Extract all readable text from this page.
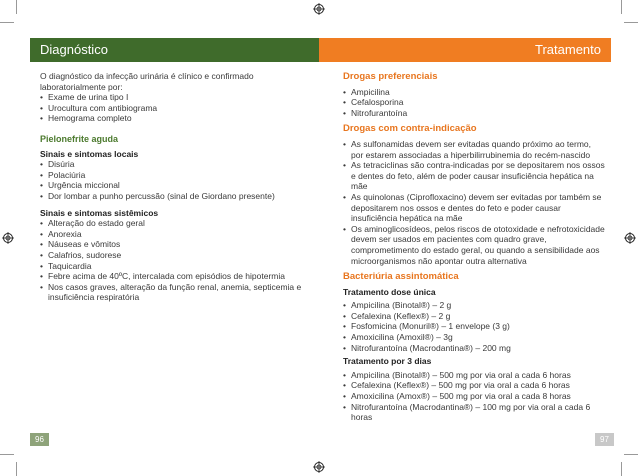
Diagnóstico	Tratamento

O diagnóstico da infecção urinária é clínico e confirmado laboratorialmente por:

• Exame de urina tipo I

• Urocultura com antibiograma

• Hemograma completo

Pielonefrite aguda

Sinais e sintomas locais

• Disúria

• Polaciúria

• Urgência miccional

• Dor lombar a punho percussão (sinal de Giordano presente)

Sinais e sintomas sistêmicos

• Alteração do estado geral

• Anorexia

• Náuseas e vômitos

• Calafrios, sudorese

• Taquicardia

• Febre acima de 40ºC, intercalada com episódios de hipotermia

• Nos casos graves, alteração da função renal, anemia, septicemia e insuficiência respiratória

Drogas preferenciais

• Ampicilina

• Cefalosporina

• Nitrofurantoína

Drogas com contra-indicação

• As sulfonamidas devem ser evitadas quando próximo ao termo, por estarem associadas a hiperbilirrubinemia do recém-nascido

• As tetraciclinas são contra-indicadas por se depositarem nos ossos e dentes do feto, além de poder causar insuficiência hepática na mãe

• As quinolonas (Ciprofloxacino) devem ser evitadas por também se depositarem nos ossos e dentes do feto e poder causar insuficiência hepática na mãe

• Os aminoglicosídeos, pelos riscos de ototoxidade e nefrotoxicidade devem ser usados em pacientes com quadro grave, comprometimento do estado geral, ou quando a sensibilidade aos microorganismos não apontar outra alternativa

Bacteriúria assintomática

Tratamento dose única

• Ampicilina (Binotal®) – 2 g

• Cefalexina (Keflex®) – 2 g

• Fosfomicina (Monuril®) – 1 envelope (3 g)

• Amoxicilina (Amoxil®) – 3g

• Nitrofurantoína (Macrodantina®) – 200 mg

Tratamento por 3 dias

• Ampicilina (Binotal®) – 500 mg por via oral a cada 6 horas

• Cefalexina (Keflex®) – 500 mg por via oral a cada 6 horas

• Amoxicilina (Amox®) – 500 mg por via oral a cada 8 horas

• Nitrofurantoína (Macrodantina®) – 100 mg por via oral a cada 6 horas

96	97
